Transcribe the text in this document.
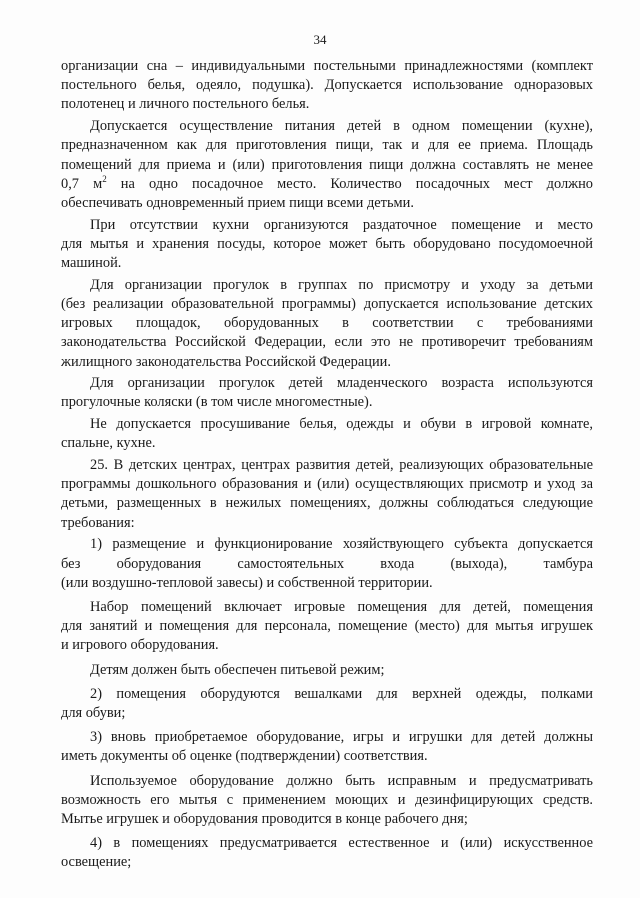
34

организации сна – индивидуальными постельными принадлежностями (комплект

постельного белья, одеяло, подушка). Допускается использование одноразовых

полотенец и личного постельного белья.

Допускается осуществление питания детей в одном помещении (кухне),

предназначенном как для приготовления пищи, так и для ее приема. Площадь

помещений для приема и (или) приготовления пищи должна составлять не менее

0,7 $м^2$ на одно посадочное место. Количество посадочных мест должно

обеспечивать одновременный прием пищи всеми детьми.

При отсутствии кухни организуются раздаточное помещение и место

для мытья и хранения посуды, которое может быть оборудовано посудомоечной

машиной.

Для организации прогулок в группах по присмотру и уходу за детьми

(без реализации образовательной программы) допускается использование детских

игровых площадок, оборудованных в соответствии с требованиями

законодательства Российской Федерации, если это не противоречит требованиям

жилищного законодательства Российской Федерации.

Для организации прогулок детей младенческого возраста используются

прогулочные коляски (в том числе многоместные).

Не допускается просушивание белья, одежды и обуви в игровой комнате,

спальне, кухне.

25. В детских центрах, центрах развития детей, реализующих образовательные

программы дошкольного образования и (или) осуществляющих присмотр и уход за

детьми, размещенных в нежилых помещениях, должны соблюдаться следующие

требования:

1) размещение и функционирование хозяйствующего субъекта допускается

без оборудования самостоятельных входа (выхода), тамбура

(или воздушно-тепловой завесы) и собственной территории.

Набор помещений включает игровые помещения для детей, помещения

для занятий и помещения для персонала, помещение (место) для мытья игрушек

и игрового оборудования.

Детям должен быть обеспечен питьевой режим;

2) помещения оборудуются вешалками для верхней одежды, полками

для обуви;

3) вновь приобретаемое оборудование, игры и игрушки для детей должны

иметь документы об оценке (подтверждении) соответствия.

Используемое оборудование должно быть исправным и предусматривать

возможность его мытья с применением моющих и дезинфицирующих средств.

Мытье игрушек и оборудования проводится в конце рабочего дня;

4) в помещениях предусматривается естественное и (или) искусственное

освещение;
